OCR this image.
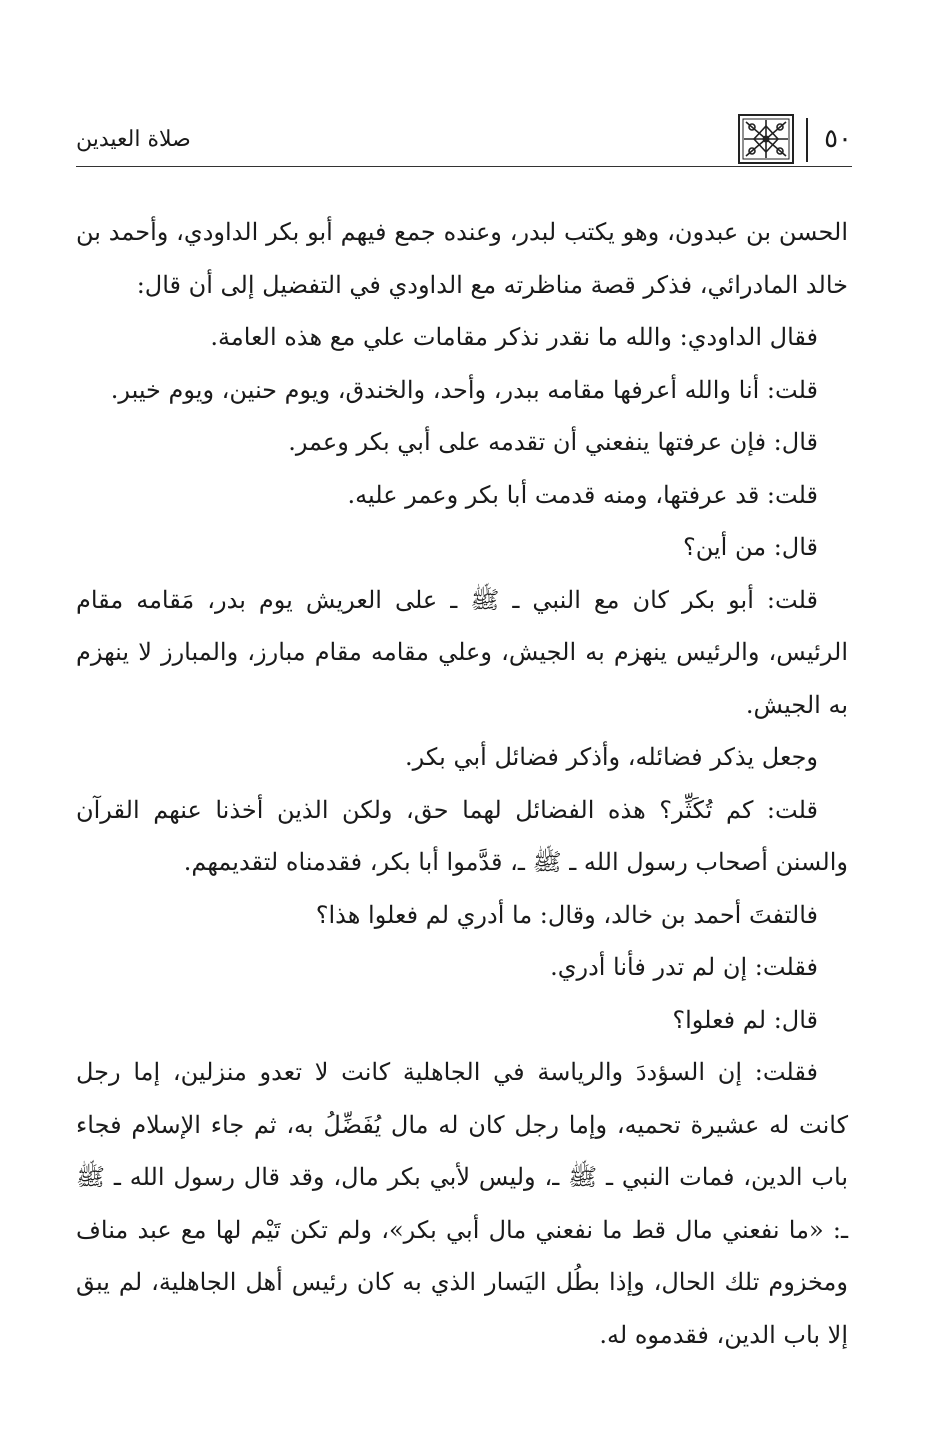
٥٠
صلاة العيدين

الحسن بن عبدون، وهو يكتب لبدر، وعنده جمع فيهم أبو بكر الداودي، وأحمد بن خالد المادرائي، فذكر قصة مناظرته مع الداودي في التفضيل إلى أن قال:

فقال الداودي: والله ما نقدر نذكر مقامات علي مع هذه العامة.

قلت: أنا والله أعرفها مقامه ببدر، وأحد، والخندق، ويوم حنين، ويوم خيبر.

قال: فإن عرفتها ينفعني أن تقدمه على أبي بكر وعمر.

قلت: قد عرفتها، ومنه قدمت أبا بكر وعمر عليه.

قال: من أين؟

قلت: أبو بكر كان مع النبي ـ ﷺ ـ على العريش يوم بدر، مَقامه مقام الرئيس، والرئيس ينهزم به الجيش، وعلي مقامه مقام مبارز، والمبارز لا ينهزم به الجيش.

وجعل يذكر فضائله، وأذكر فضائل أبي بكر.

قلت: كم تُكَثِّر؟ هذه الفضائل لهما حق، ولكن الذين أخذنا عنهم القرآن والسنن أصحاب رسول الله ـ ﷺ ـ، قدَّموا أبا بكر، فقدمناه لتقديمهم.

فالتفتَ أحمد بن خالد، وقال: ما أدري لم فعلوا هذا؟

فقلت: إن لم تدر فأنا أدري.

قال: لم فعلوا؟

فقلت: إن السؤددَ والرياسة في الجاهلية كانت لا تعدو منزلين، إما رجل كانت له عشيرة تحميه، وإما رجل كان له مال يُفَضِّلُ به، ثم جاء الإسلام فجاء باب الدين، فمات النبي ـ ﷺ ـ، وليس لأبي بكر مال، وقد قال رسول الله ـ ﷺ ـ: «ما نفعني مال قط ما نفعني مال أبي بكر»، ولم تكن تَيْم لها مع عبد مناف ومخزوم تلك الحال، وإذا بطُل اليَسار الذي به كان رئيس أهل الجاهلية، لم يبق إلا باب الدين، فقدموه له.
